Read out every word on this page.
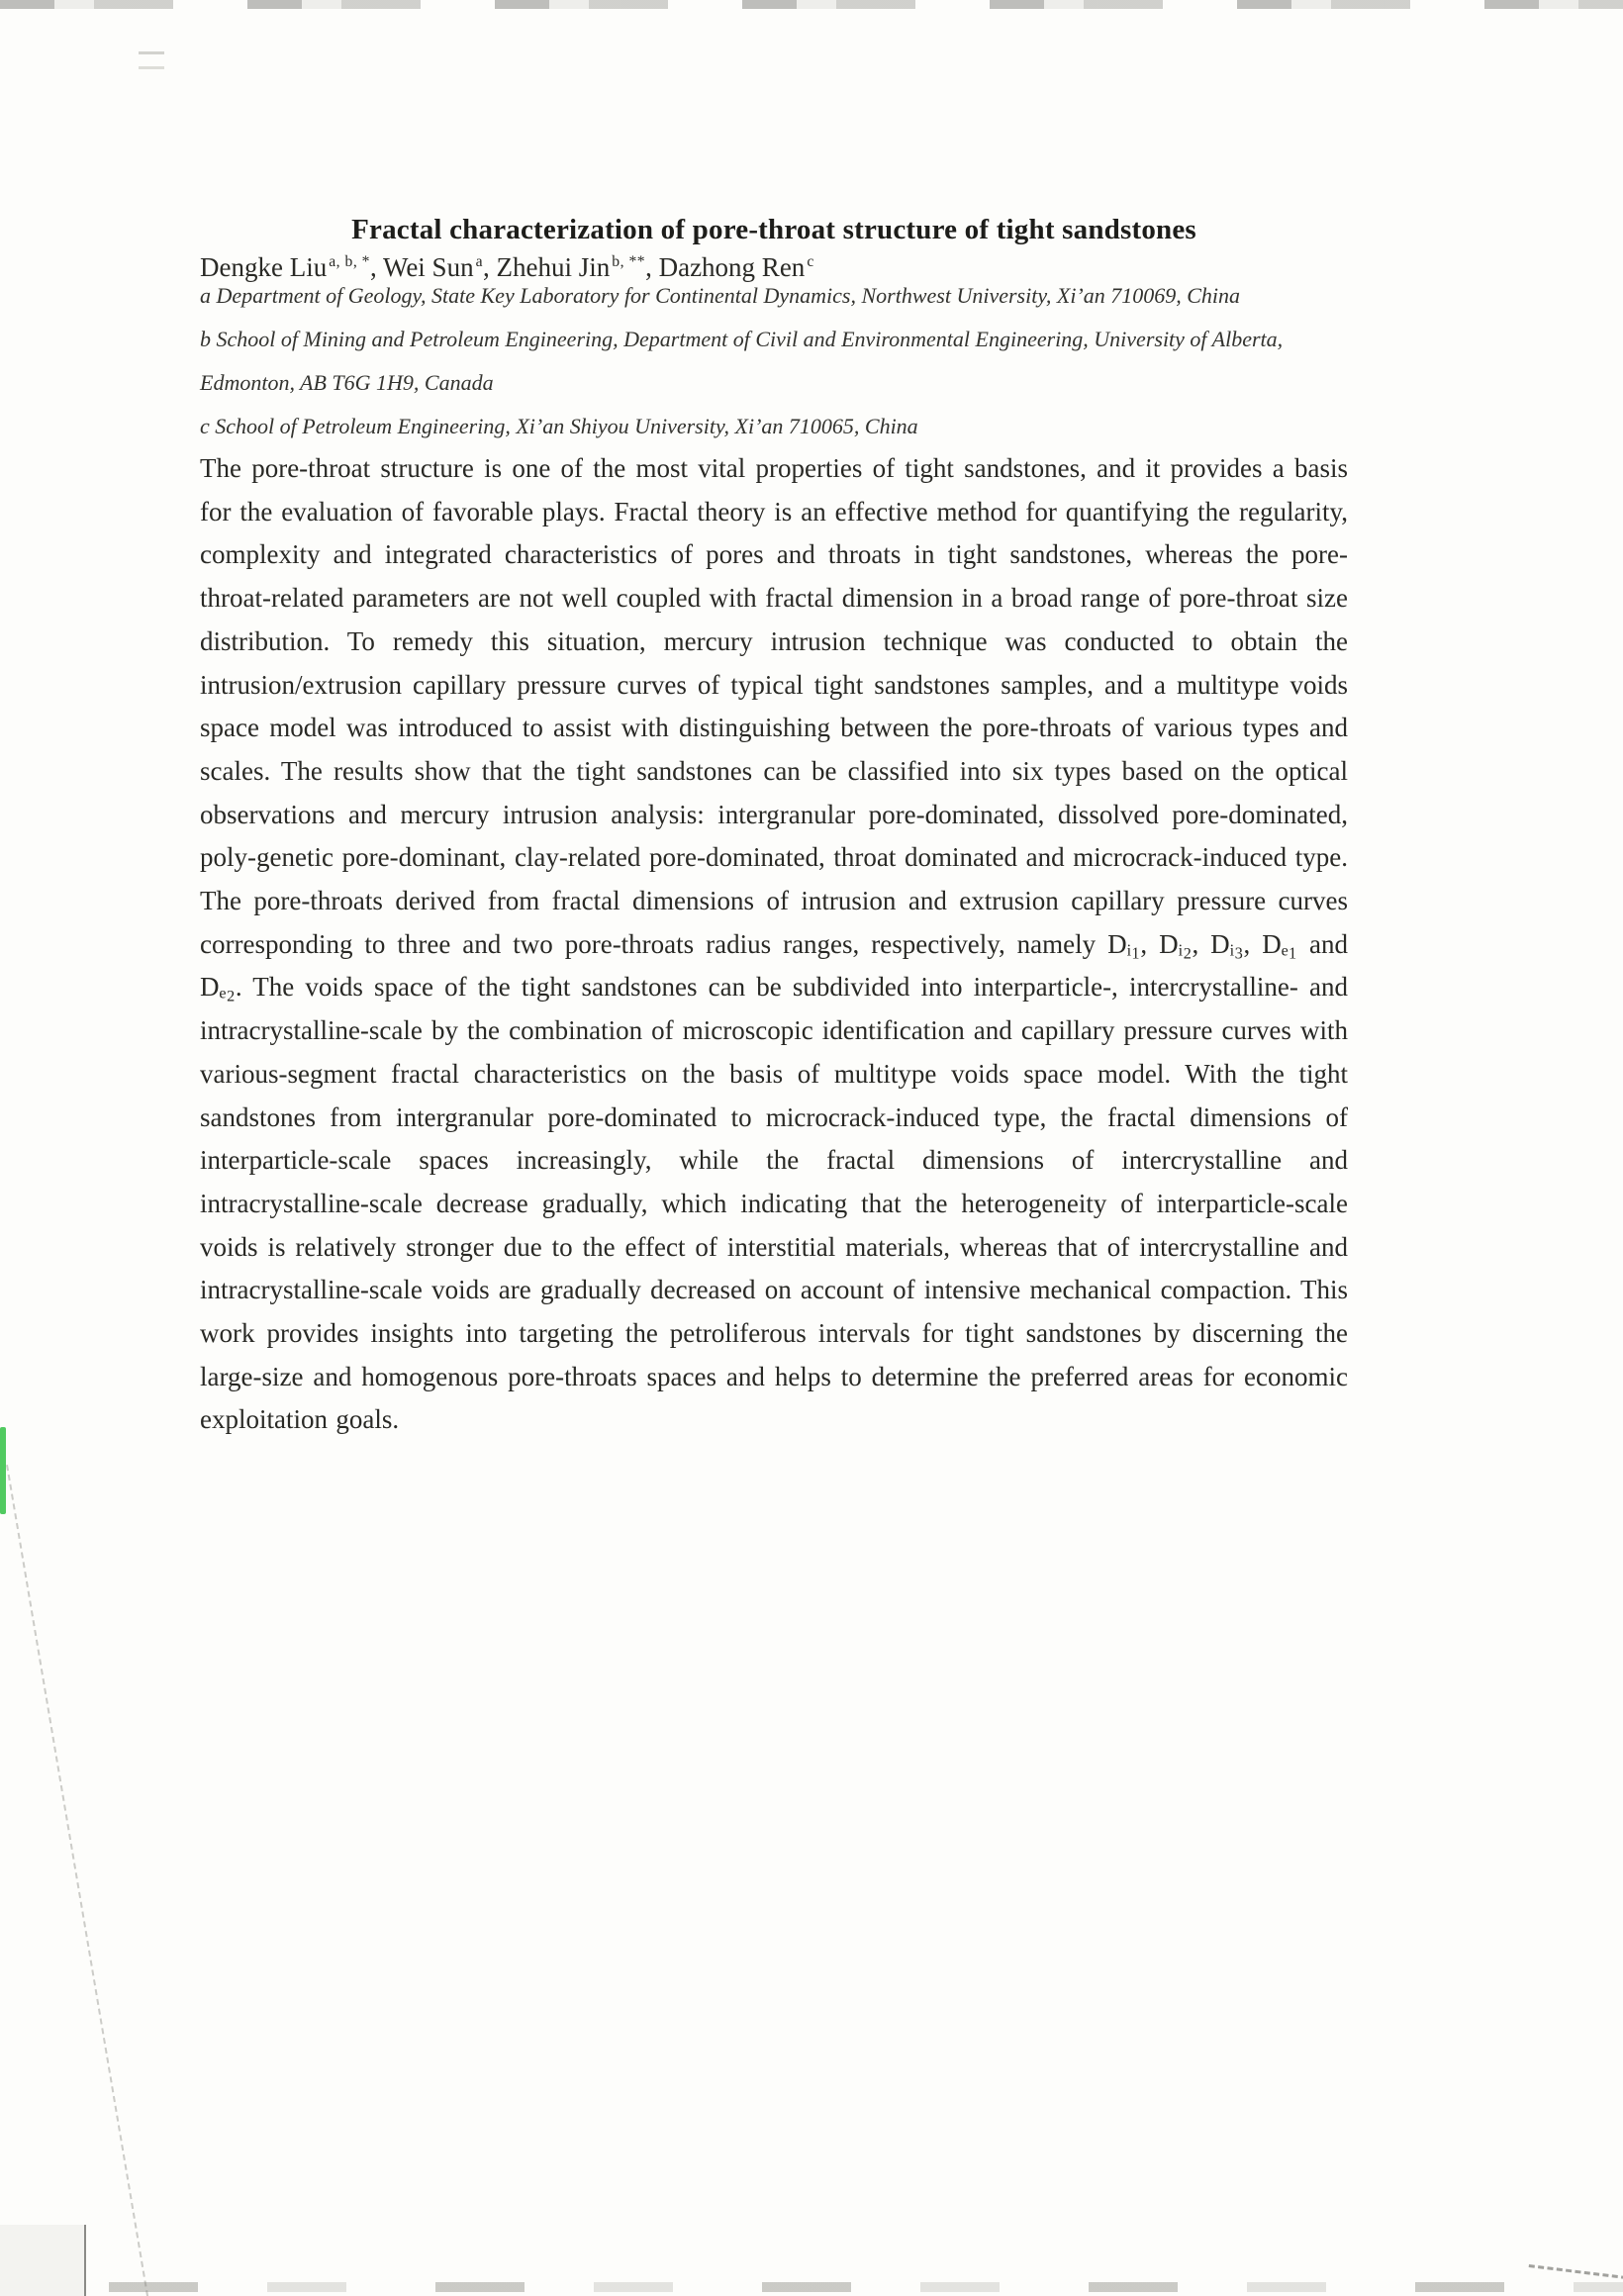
Fractal characterization of pore-throat structure of tight sandstones
Dengke Liu $^{a, b, *}$, Wei Sun $^a$, Zhehui Jin $^{b, **}$, Dazhong Ren $^c$
a Department of Geology, State Key Laboratory for Continental Dynamics, Northwest University, Xi’an 710069, China
b School of Mining and Petroleum Engineering, Department of Civil and Environmental Engineering, University of Alberta, Edmonton, AB T6G 1H9, Canada
c School of Petroleum Engineering, Xi’an Shiyou University, Xi’an 710065, China

The pore-throat structure is one of the most vital properties of tight sandstones, and it provides a basis for the evaluation of favorable plays. Fractal theory is an effective method for quantifying the regularity, complexity and integrated characteristics of pores and throats in tight sandstones, whereas the pore-throat-related parameters are not well coupled with fractal dimension in a broad range of pore-throat size distribution. To remedy this situation, mercury intrusion technique was conducted to obtain the intrusion/extrusion capillary pressure curves of typical tight sandstones samples, and a multitype voids space model was introduced to assist with distinguishing between the pore-throats of various types and scales. The results show that the tight sandstones can be classified into six types based on the optical observations and mercury intrusion analysis: intergranular pore-dominated, dissolved pore-dominated, poly-genetic pore-dominant, clay-related pore-dominated, throat dominated and microcrack-induced type. The pore-throats derived from fractal dimensions of intrusion and extrusion capillary pressure curves corresponding to three and two pore-throats radius ranges, respectively, namely Dᵢ₁, Dᵢ₂, Dᵢ₃, Dₑ₁ and Dₑ₂. The voids space of the tight sandstones can be subdivided into interparticle-, intercrystalline- and intracrystalline-scale by the combination of microscopic identification and capillary pressure curves with various-segment fractal characteristics on the basis of multitype voids space model. With the tight sandstones from intergranular pore-dominated to microcrack-induced type, the fractal dimensions of interparticle-scale spaces increasingly, while the fractal dimensions of intercrystalline and intracrystalline-scale decrease gradually, which indicating that the heterogeneity of interparticle-scale voids is relatively stronger due to the effect of interstitial materials, whereas that of intercrystalline and intracrystalline-scale voids are gradually decreased on account of intensive mechanical compaction. This work provides insights into targeting the petroliferous intervals for tight sandstones by discerning the large-size and homogenous pore-throats spaces and helps to determine the preferred areas for economic exploitation goals.
